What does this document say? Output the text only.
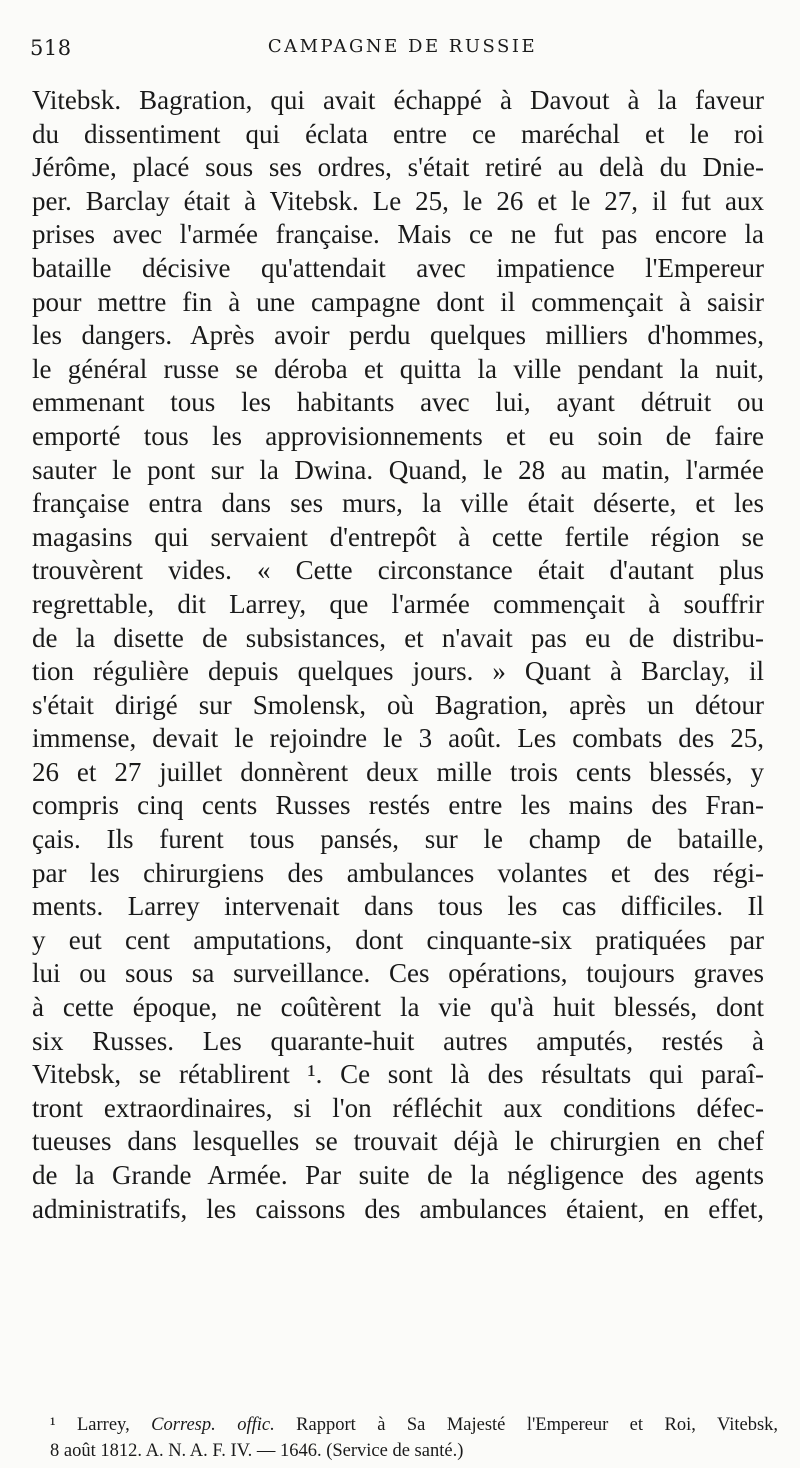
518	CAMPAGNE DE RUSSIE
Vitebsk. Bagration, qui avait échappé à Davout à la faveur
du dissentiment qui éclata entre ce maréchal et le roi
Jérôme, placé sous ses ordres, s'était retiré au delà du Dnie-
per. Barclay était à Vitebsk. Le 25, le 26 et le 27, il fut aux
prises avec l'armée française. Mais ce ne fut pas encore la
bataille décisive qu'attendait avec impatience l'Empereur
pour mettre fin à une campagne dont il commençait à saisir
les dangers. Après avoir perdu quelques milliers d'hommes,
le général russe se déroba et quitta la ville pendant la nuit,
emmenant tous les habitants avec lui, ayant détruit ou
emporté tous les approvisionnements et eu soin de faire
sauter le pont sur la Dwina. Quand, le 28 au matin, l'armée
française entra dans ses murs, la ville était déserte, et les
magasins qui servaient d'entrepôt à cette fertile région se
trouvèrent vides. « Cette circonstance était d'autant plus
regrettable, dit Larrey, que l'armée commençait à souffrir
de la disette de subsistances, et n'avait pas eu de distribu-
tion régulière depuis quelques jours. » Quant à Barclay, il
s'était dirigé sur Smolensk, où Bagration, après un détour
immense, devait le rejoindre le 3 août. Les combats des 25,
26 et 27 juillet donnèrent deux mille trois cents blessés, y
compris cinq cents Russes restés entre les mains des Fran-
çais. Ils furent tous pansés, sur le champ de bataille,
par les chirurgiens des ambulances volantes et des régi-
ments. Larrey intervenait dans tous les cas difficiles. Il
y eut cent amputations, dont cinquante-six pratiquées par
lui ou sous sa surveillance. Ces opérations, toujours graves
à cette époque, ne coûtèrent la vie qu'à huit blessés, dont
six Russes. Les quarante-huit autres amputés, restés à
Vitebsk, se rétablirent ¹. Ce sont là des résultats qui paraî-
tront extraordinaires, si l'on réfléchit aux conditions défec-
tueuses dans lesquelles se trouvait déjà le chirurgien en chef
de la Grande Armée. Par suite de la négligence des agents
administratifs, les caissons des ambulances étaient, en effet,
¹ Larrey, Corresp. offic. Rapport à Sa Majesté l'Empereur et Roi, Vitebsk,
8 août 1812. A. N. A. F. IV. — 1646. (Service de santé.)
